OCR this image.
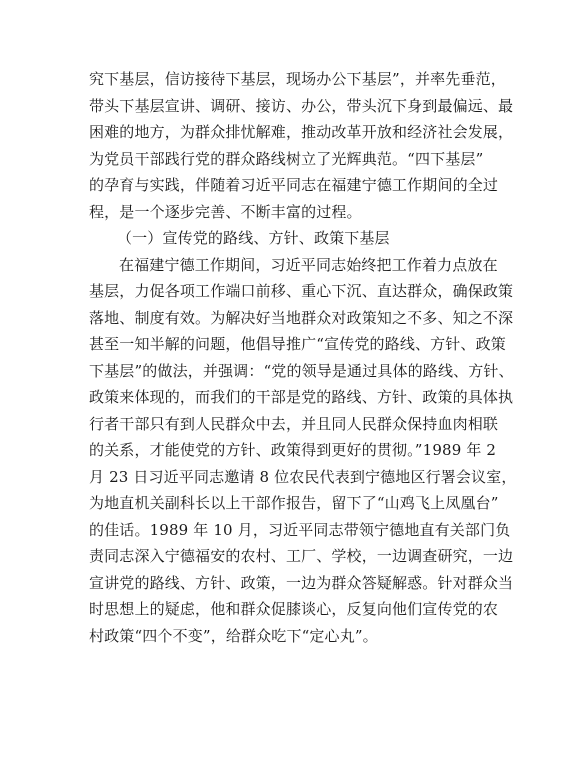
究下基层，信访接待下基层，现场办公下基层”，并率先垂范，
带头下基层宣讲、调研、接访、办公，带头沉下身到最偏远、最
困难的地方，为群众排忧解难，推动改革开放和经济社会发展，
为党员干部践行党的群众路线树立了光辉典范。“四下基层”
的孕育与实践，伴随着习近平同志在福建宁德工作期间的全过
程，是一个逐步完善、不断丰富的过程。
（一）宣传党的路线、方针、政策下基层
在福建宁德工作期间，习近平同志始终把工作着力点放在
基层，力促各项工作端口前移、重心下沉、直达群众，确保政策
落地、制度有效。为解决好当地群众对政策知之不多、知之不深
甚至一知半解的问题，他倡导推广“宣传党的路线、方针、政策
下基层”的做法，并强调：“党的领导是通过具体的路线、方针、
政策来体现的，而我们的干部是党的路线、方针、政策的具体执
行者干部只有到人民群众中去，并且同人民群众保持血肉相联
的关系，才能使党的方针、政策得到更好的贯彻。”1989 年 2
月 23 日习近平同志邀请 8 位农民代表到宁德地区行署会议室，
为地直机关副科长以上干部作报告，留下了“山鸡飞上凤凰台”
的佳话。1989 年 10 月，习近平同志带领宁德地直有关部门负
责同志深入宁德福安的农村、工厂、学校，一边调查研究，一边
宣讲党的路线、方针、政策，一边为群众答疑解惑。针对群众当
时思想上的疑虑，他和群众促膝谈心，反复向他们宣传党的农
村政策“四个不变”，给群众吃下“定心丸”。
